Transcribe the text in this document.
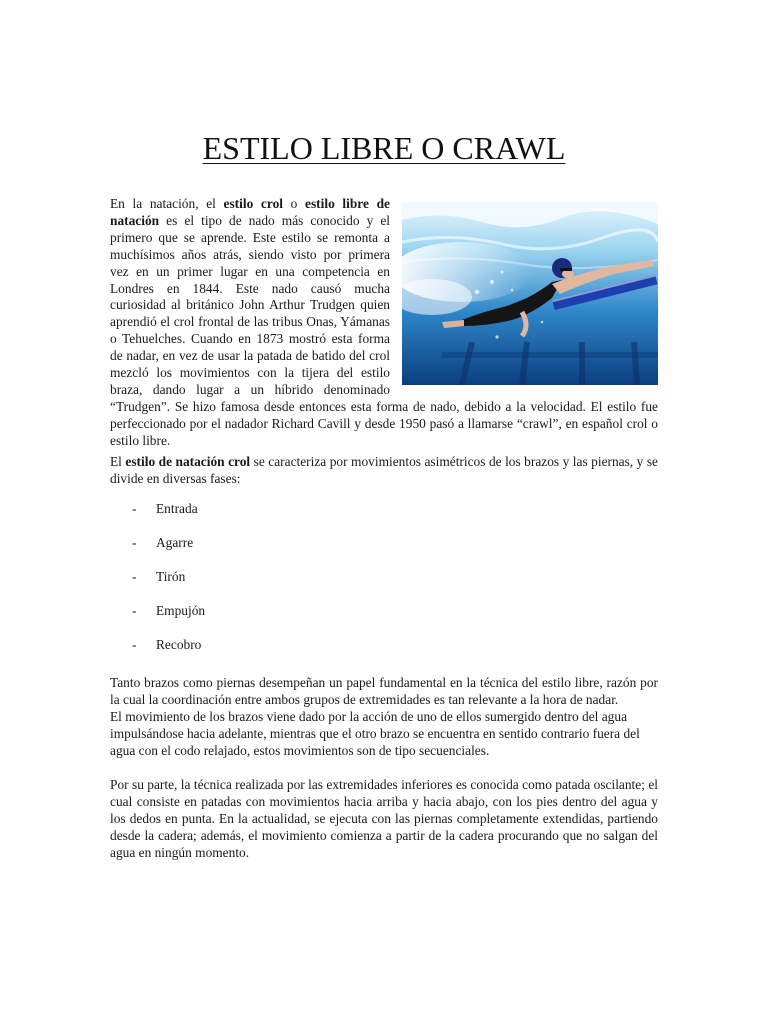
ESTILO LIBRE O CRAWL

En la natación, el estilo crol o estilo libre de natación es el tipo de nado más conocido y el primero que se aprende. Este estilo se remonta a muchísimos años atrás, siendo visto por primera vez en un primer lugar en una competencia en Londres en 1844. Este nado causó mucha curiosidad al británico John Arthur Trudgen quien aprendió el crol frontal de las tribus Onas, Yámanas o Tehuelches. Cuando en 1873 mostró esta forma de nadar, en vez de usar la patada de batido del crol mezcló los movimientos con la tijera del estilo braza, dando lugar a un híbrido denominado “Trudgen”. Se hizo famosa desde entonces esta forma de nado, debido a la velocidad. El estilo fue perfeccionado por el nadador Richard Cavill y desde 1950 pasó a llamarse “crawl”, en español crol o estilo libre.

El estilo de natación crol se caracteriza por movimientos asimétricos de los brazos y las piernas, y se divide en diversas fases:

- Entrada
- Agarre
- Tirón
- Empujón
- Recobro

Tanto brazos como piernas desempeñan un papel fundamental en la técnica del estilo libre, razón por la cual la coordinación entre ambos grupos de extremidades es tan relevante a la hora de nadar.

El movimiento de los brazos viene dado por la acción de uno de ellos sumergido dentro del agua impulsándose hacia adelante, mientras que el otro brazo se encuentra en sentido contrario fuera del agua con el codo relajado, estos movimientos son de tipo secuenciales.

Por su parte, la técnica realizada por las extremidades inferiores es conocida como patada oscilante; el cual consiste en patadas con movimientos hacia arriba y hacia abajo, con los pies dentro del agua y los dedos en punta. En la actualidad, se ejecuta con las piernas completamente extendidas, partiendo desde la cadera; además, el movimiento comienza a partir de la cadera procurando que no salgan del agua en ningún momento.
